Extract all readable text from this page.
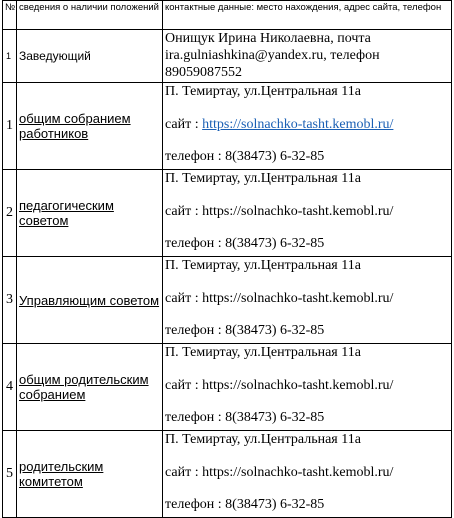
№	сведения о наличии положений	контактные данные: место нахождения, адрес сайта, телефон
1	Заведующий	Онищук Ирина Николаевна, почта
ira.gulniashkina@yandex.ru, телефон
89059087552

1	общим собранием работников	П. Темиртау, ул.Центральная 11а
сайт : https://solnachko-tasht.kemobl.ru/
телефон : 8(38473) 6-32-85

2	педагогическим советом	П. Темиртау, ул.Центральная 11а
сайт : https://solnachko-tasht.kemobl.ru/
телефон : 8(38473) 6-32-85

3	Управляющим советом	П. Темиртау, ул.Центральная 11а
сайт : https://solnachko-tasht.kemobl.ru/
телефон : 8(38473) 6-32-85

4	общим родительским собранием	П. Темиртау, ул.Центральная 11а
сайт : https://solnachko-tasht.kemobl.ru/
телефон : 8(38473) 6-32-85

5	родительским комитетом	П. Темиртау, ул.Центральная 11а
сайт : https://solnachko-tasht.kemobl.ru/
телефон : 8(38473) 6-32-85
